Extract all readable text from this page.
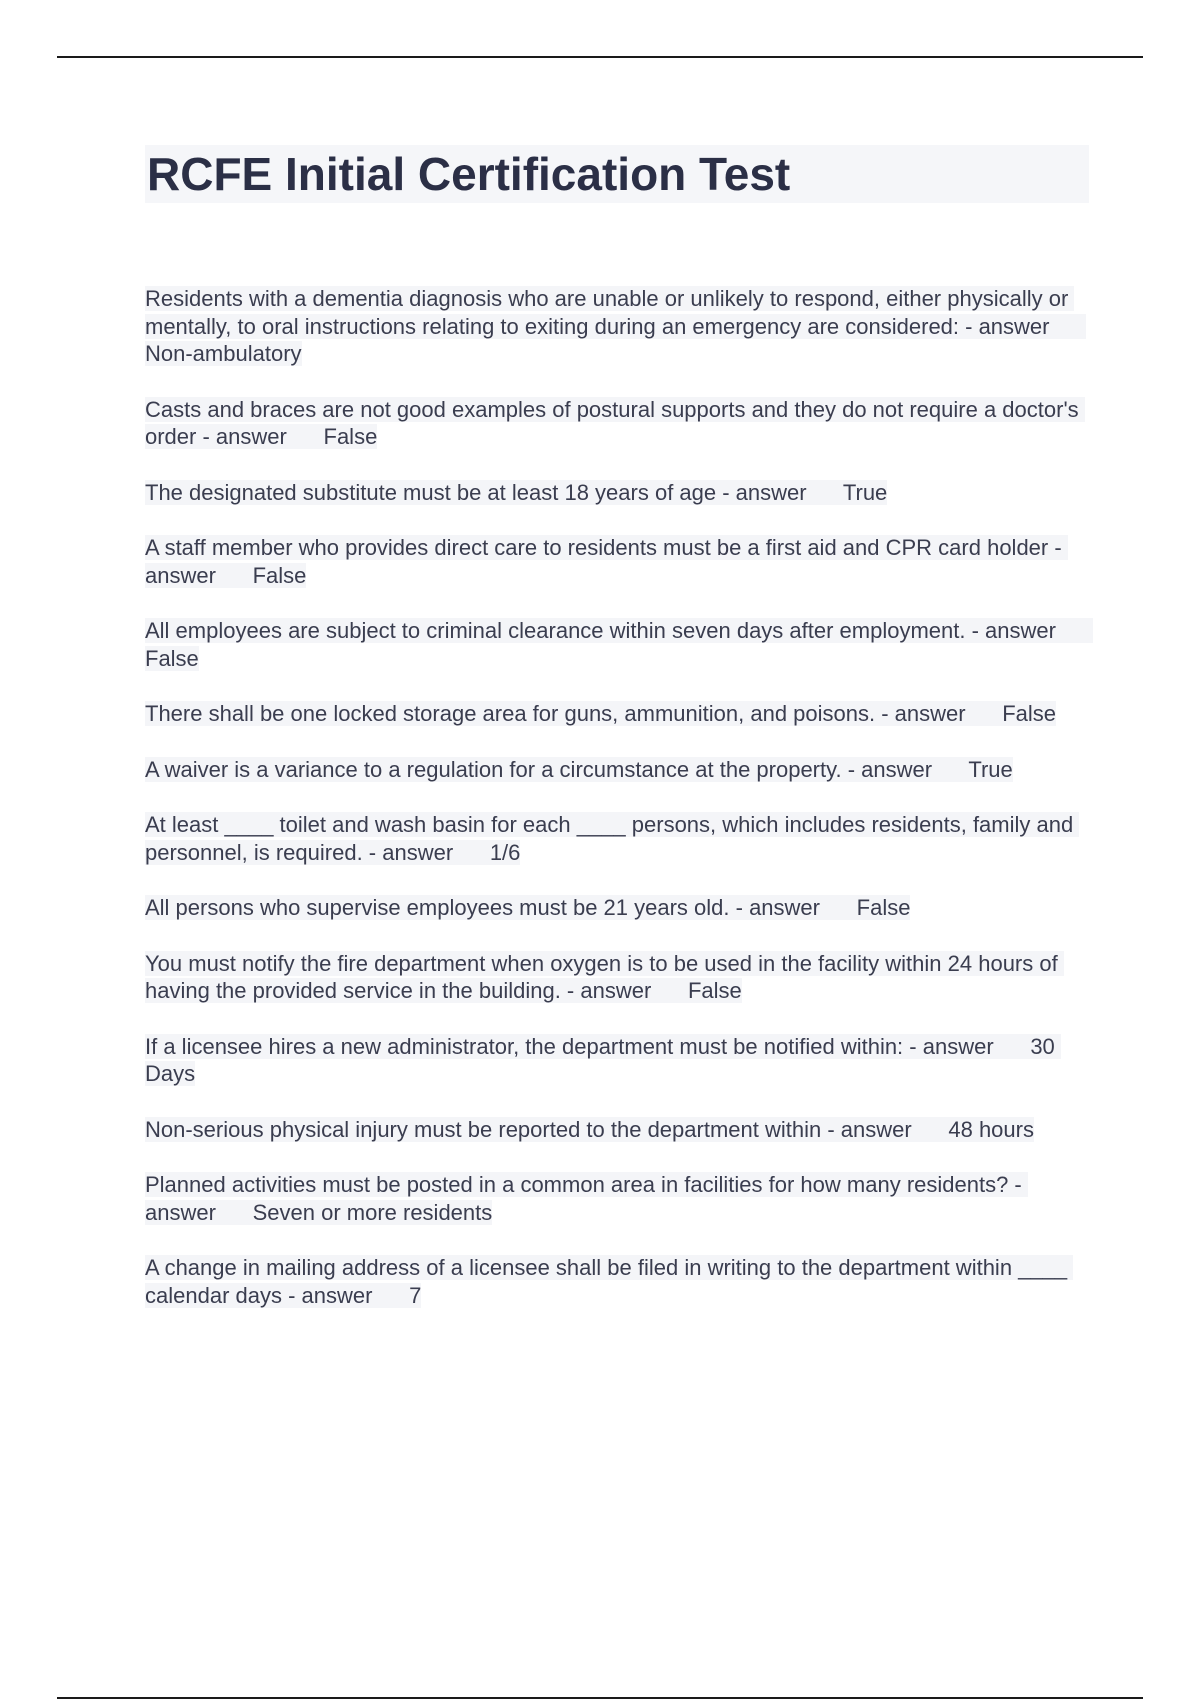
RCFE Initial Certification Test
Residents with a dementia diagnosis who are unable or unlikely to respond, either physically or mentally, to oral instructions relating to exiting during an emergency are considered: - answer      Non-ambulatory
Casts and braces are not good examples of postural supports and they do not require a doctor's order - answer      False
The designated substitute must be at least 18 years of age - answer      True
A staff member who provides direct care to residents must be a first aid and CPR card holder - answer      False
All employees are subject to criminal clearance within seven days after employment. - answer      False
There shall be one locked storage area for guns, ammunition, and poisons. - answer      False
A waiver is a variance to a regulation for a circumstance at the property. - answer      True
At least ____ toilet and wash basin for each ____ persons, which includes residents, family and personnel, is required. - answer      1/6
All persons who supervise employees must be 21 years old. - answer      False
You must notify the fire department when oxygen is to be used in the facility within 24 hours of having the provided service in the building. - answer      False
If a licensee hires a new administrator, the department must be notified within: - answer      30 Days
Non-serious physical injury must be reported to the department within - answer      48 hours
Planned activities must be posted in a common area in facilities for how many residents? - answer      Seven or more residents
A change in mailing address of a licensee shall be filed in writing to the department within ____ calendar days - answer      7
